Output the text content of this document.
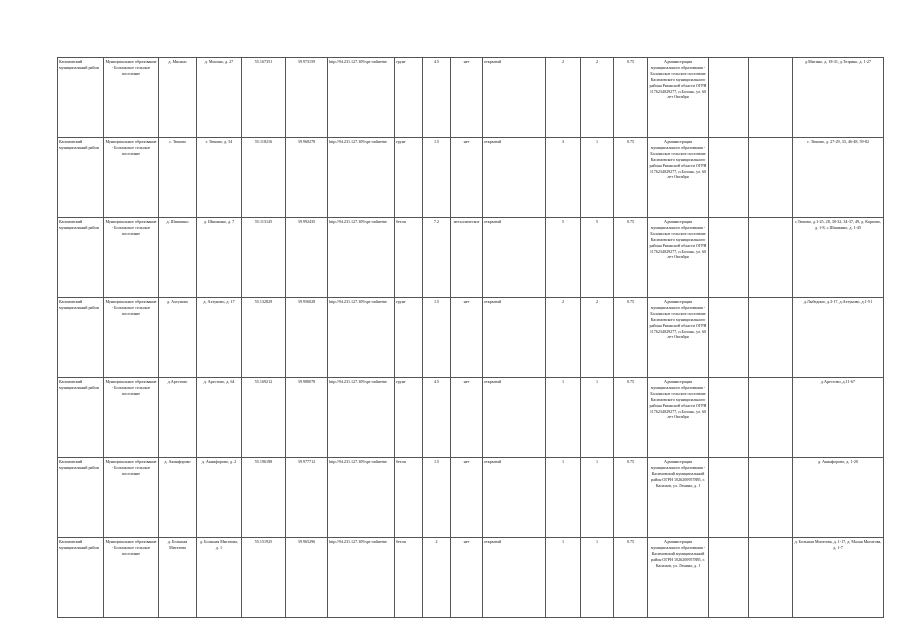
Касимовский муниципальный район	Муниципальное образование - Болоньское сельское поселение	д. Мисино	д. Мисино, д. 27	55.167351	39.973159	http://94.231.127.109:spt-onlineine	грунт	4.5	нет	открытый	2	2	0.75	Администрация муниципального образования - Болоньское сельское поселение Касимовского муниципального района Рязанской области ОГРН 1176234029277, п.Болонь, ул. 60 лет Октября			д.Мисино, д. 18-31, д.Тезрино, д. 1-27
Касимовский муниципальный район	Муниципальное образование - Болоньское сельское поселение	с. Тюково	г. Тюково, д. 54	55.118216	39.968278	http://94.231.127.109:spt-onlineine	грунт	1.5	нет	открытый	3	1	0.75	Администрация муниципального образования - Болоньское сельское поселение Касимовского муниципального района Рязанской области ОГРН 1176234029277, п.Болонь, ул. 60 лет Октября			с. Тюково, д. 27-29, 33, 46-48, 59-82
Касимовский муниципальный район	Муниципальное образование - Болоньское сельское поселение	д. Шишкино	д. Шишкино, д. 7	55.113145	39.992435	http://94.231.127.109:spt-onlineine	бетон	7.2	металлическое	открытый	5	5	0.75	Администрация муниципального образования - Болоньское сельское поселение Касимовского муниципального района Рязанской области ОГРН 1176234029277, п.Болонь, ул. 60 лет Октября			с.Тюково, д.1-25, 28, 30-32, 34-37, 49, д. Карпово, д. 1-8, с.Шишкино, д. 1-45
Касимовский муниципальный район	Муниципальное образование - Болоньское сельское поселение	д. Ахтуново	д. Ахтуново, д. 17	55.132829	39.956028	http://94.231.127.109:spt-onlineine	грунт	1.5	нет	открытый	2	2	0.75	Администрация муниципального образования - Болоньское сельское поселение Касимовского муниципального района Рязанской области ОГРН 1176234029277, п.Болонь, ул. 60 лет Октября			д.Лыбедино, д.3-17, д.Ахтуново, д.1-51
Касимовский муниципальный район	Муниципальное образование - Болоньское сельское поселение	д.Арестово	д. Арестово, д. 64	55.169212	39.988078	http://94.231.127.109:spt-onlineine	грунт	4.5	нет	открытый	1	1	0.75	Администрация муниципального образования - Болоньское сельское поселение Касимовского муниципального района Рязанской области ОГРН 1176234029277, п.Болонь, ул. 60 лет Октября			д.Арестово, д.11-67
Касимовский муниципальный район	Муниципальное образование - Болоньское сельское поселение	д. Акинфорово	д. Акинфорово, д. 2	55.196188	39.977712	http://94.231.127.109:spt-onlineine	бетон	1.5	нет	открытый	1	1	0.75	Администрация муниципального образования - Касимовский муниципальный район ОГРН 1026200957885, г. Касимов, ул. Ленина, д. 1			д. Акинфорово, д. 1-20
Касимовский муниципальный район	Муниципальное образование - Болоньское сельское поселение	д. Большая Мигатова	д. Большая Мигатова, д. 1	55.151925	39.965296	http://94.231.127.109:spt-onlineine	бетон	2	нет	открытый	1	1	0.75	Администрация муниципального образования - Касимовский муниципальный район ОГРН 1026200957885, г. Касимов, ул. Ленина, д. 1			д. Большая Мигатова, д. 1-17, д. Малая Мигатова, д. 1-7
